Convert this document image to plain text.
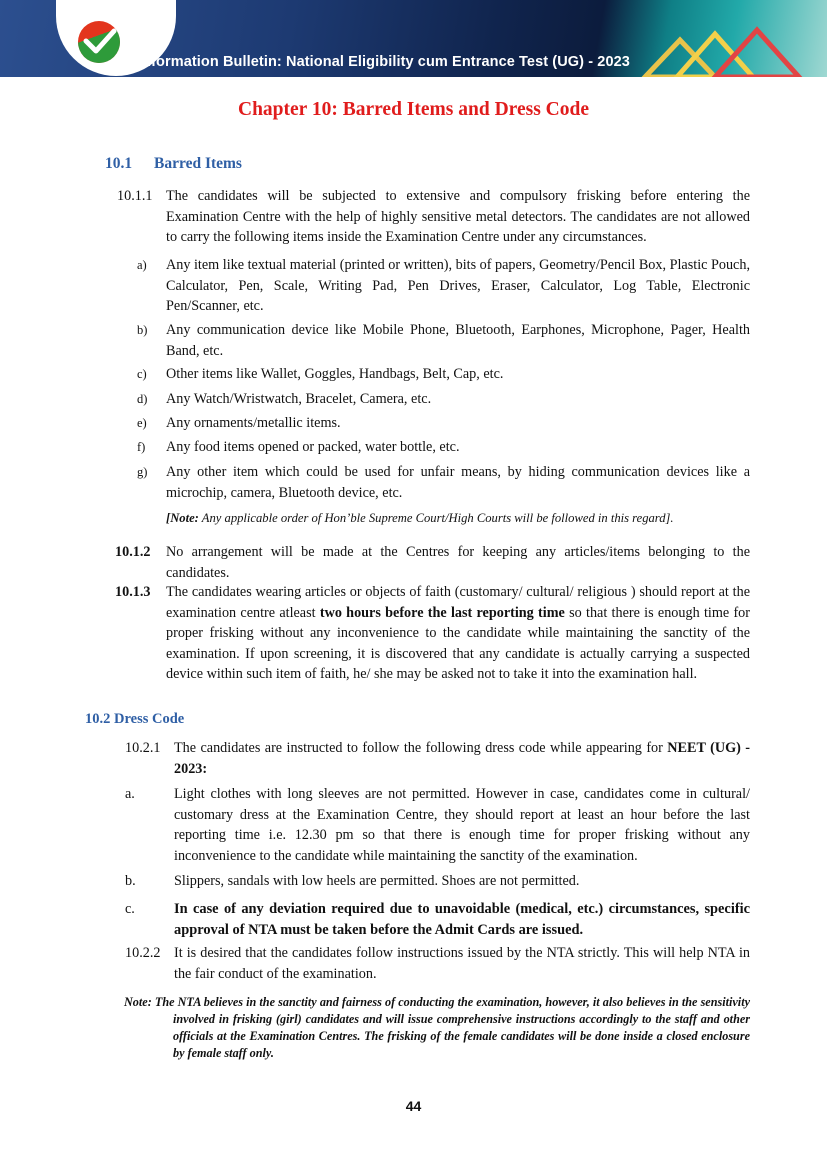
Information Bulletin: National Eligibility cum Entrance Test (UG) - 2023
Chapter 10: Barred Items and Dress Code
10.1 Barred Items
10.1.1 The candidates will be subjected to extensive and compulsory frisking before entering the Examination Centre with the help of highly sensitive metal detectors. The candidates are not allowed to carry the following items inside the Examination Centre under any circumstances.
a) Any item like textual material (printed or written), bits of papers, Geometry/Pencil Box, Plastic Pouch, Calculator, Pen, Scale, Writing Pad, Pen Drives, Eraser, Calculator, Log Table, Electronic Pen/Scanner, etc.
b) Any communication device like Mobile Phone, Bluetooth, Earphones, Microphone, Pager, Health Band, etc.
c) Other items like Wallet, Goggles, Handbags, Belt, Cap, etc.
d) Any Watch/Wristwatch, Bracelet, Camera, etc.
e) Any ornaments/metallic items.
f) Any food items opened or packed, water bottle, etc.
g) Any other item which could be used for unfair means, by hiding communication devices like a microchip, camera, Bluetooth device, etc.
[Note: Any applicable order of Hon’ble Supreme Court/High Courts will be followed in this regard].
10.1.2 No arrangement will be made at the Centres for keeping any articles/items belonging to the candidates.
10.1.3 The candidates wearing articles or objects of faith (customary/ cultural/ religious ) should report at the examination centre atleast two hours before the last reporting time so that there is enough time for proper frisking without any inconvenience to the candidate while maintaining the sanctity of the examination. If upon screening, it is discovered that any candidate is actually carrying a suspected device within such item of faith, he/ she may be asked not to take it into the examination hall.
10.2 Dress Code
10.2.1 The candidates are instructed to follow the following dress code while appearing for NEET (UG) - 2023:
a.	Light clothes with long sleeves are not permitted. However in case, candidates come in cultural/ customary dress at the Examination Centre, they should report at least an hour before the last reporting time i.e. 12.30 pm so that there is enough time for proper frisking without any inconvenience to the candidate while maintaining the sanctity of the examination.
b.	Slippers, sandals with low heels are permitted. Shoes are not permitted.
c.	In case of any deviation required due to unavoidable (medical, etc.) circumstances, specific approval of NTA must be taken before the Admit Cards are issued.
10.2.2 It is desired that the candidates follow instructions issued by the NTA strictly. This will help NTA in the fair conduct of the examination.
Note: The NTA believes in the sanctity and fairness of conducting the examination, however, it also believes in the sensitivity involved in frisking (girl) candidates and will issue comprehensive instructions accordingly to the staff and other officials at the Examination Centres. The frisking of the female candidates will be done inside a closed enclosure by female staff only.
44
